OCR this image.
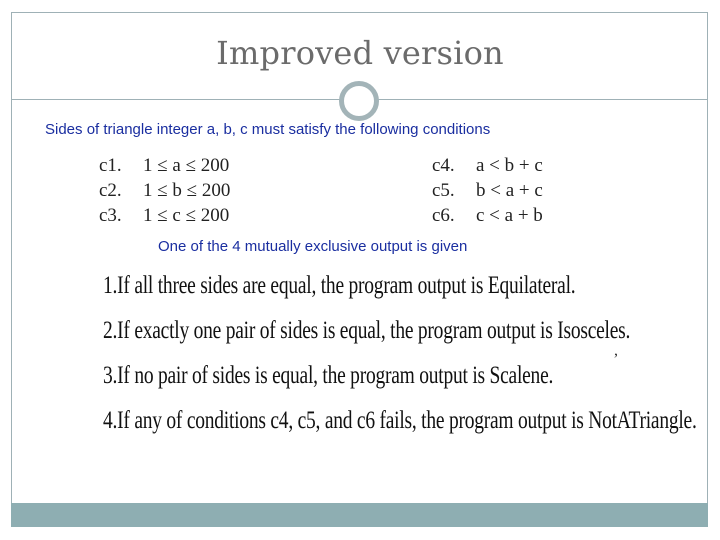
Improved version
Sides of triangle integer a, b, c must satisfy the following conditions
c1.	1 ≤ a ≤ 200
c2.	1 ≤ b ≤ 200
c3.	1 ≤ c ≤ 200
c4.	a < b + c
c5.	b < a + c
c6.	c < a + b
One of the 4 mutually exclusive output is given
1. If all three sides are equal, the program output is Equilateral.
2. If exactly one pair of sides is equal, the program output is Isosceles.
3. If no pair of sides is equal, the program output is Scalene.
4. If any of conditions c4, c5, and c6 fails, the program output is NotATriangle.
,
